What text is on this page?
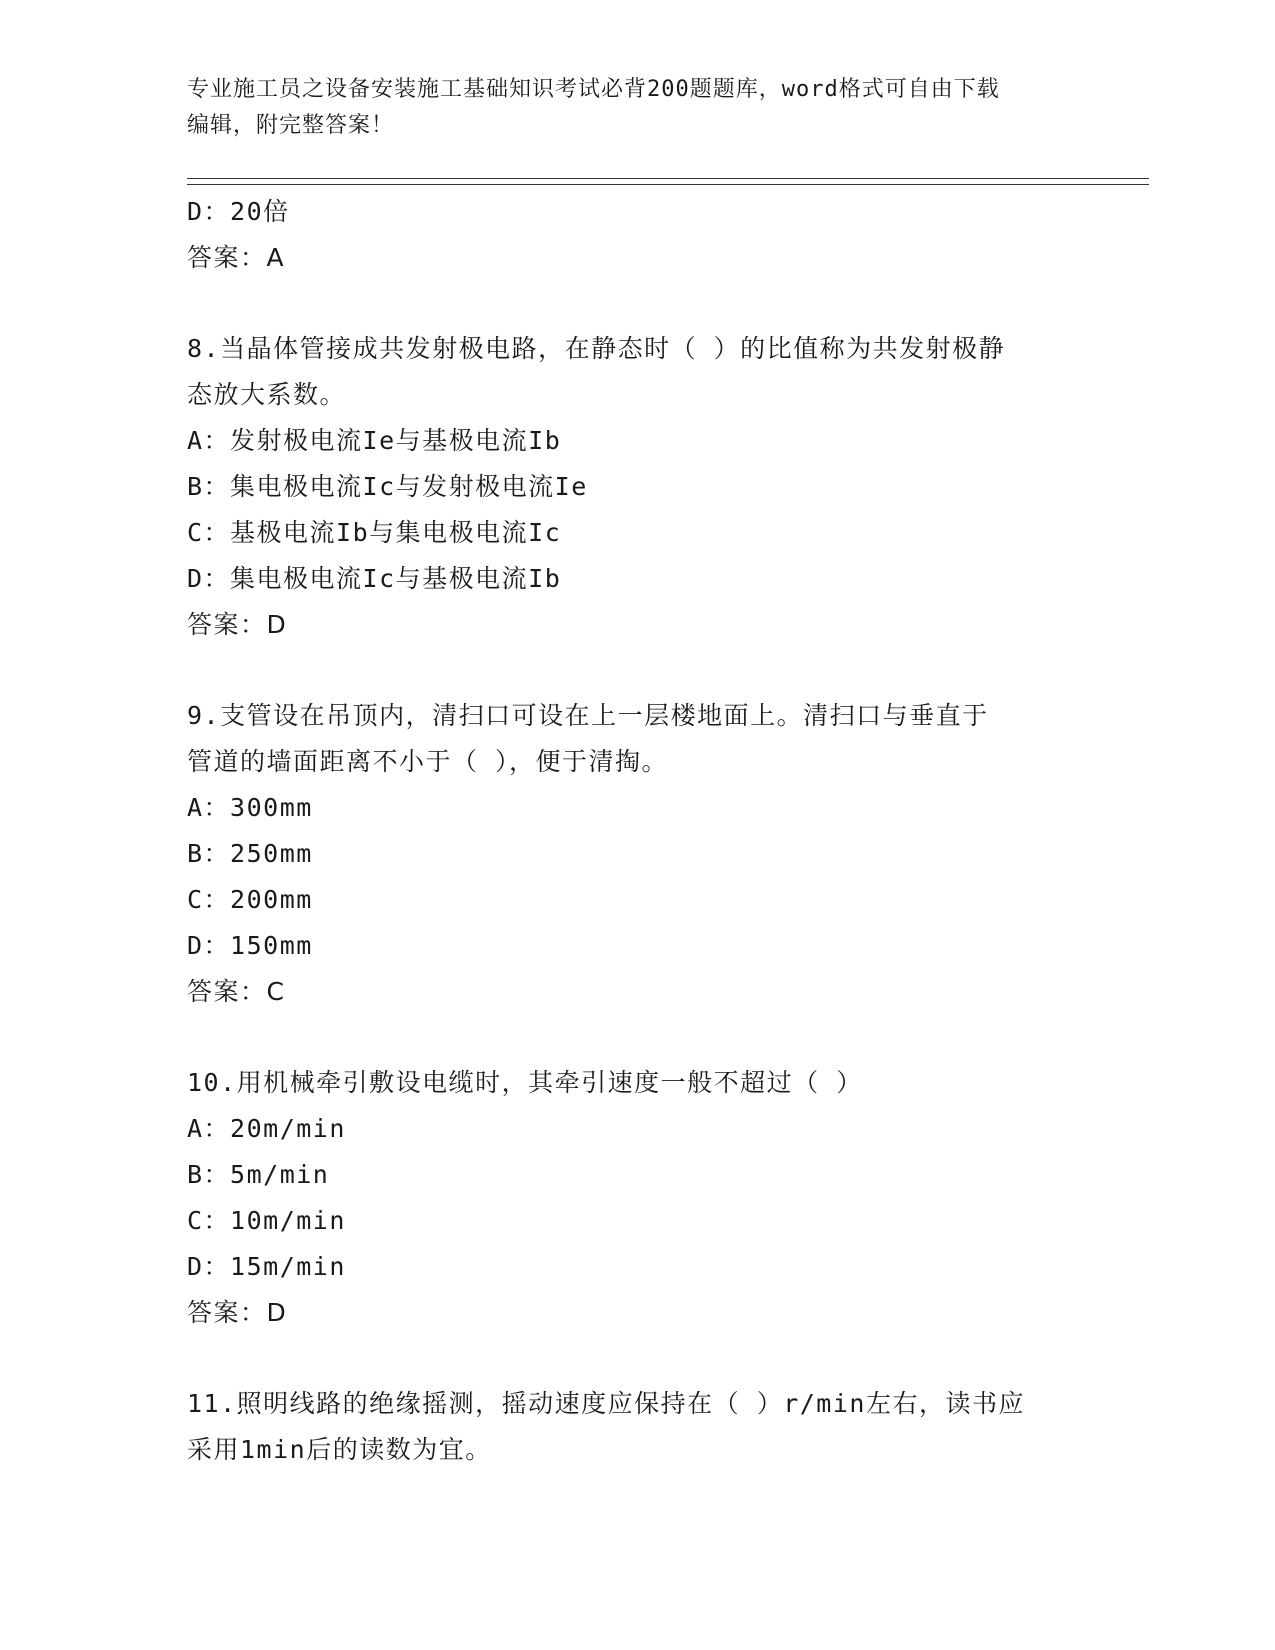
专业施工员之设备安装施工基础知识考试必背200题题库，word格式可自由下载
编辑，附完整答案！
D：20倍
答案：A
8.当晶体管接成共发射极电路，在静态时（ ）的比值称为共发射极静
态放大系数。
A：发射极电流Ie与基极电流Ib
B：集电极电流Ic与发射极电流Ie
C：基极电流Ib与集电极电流Ic
D：集电极电流Ic与基极电流Ib
答案：D
9.支管设在吊顶内，清扫口可设在上一层楼地面上。清扫口与垂直于
管道的墙面距离不小于（ ），便于清掏。
A：300mm
B：250mm
C：200mm
D：150mm
答案：C
10.用机械牵引敷设电缆时，其牵引速度一般不超过（ ）
A：20m/min
B：5m/min
C：10m/min
D：15m/min
答案：D
11.照明线路的绝缘摇测，摇动速度应保持在（ ）r/min左右，读书应
采用1min后的读数为宜。
